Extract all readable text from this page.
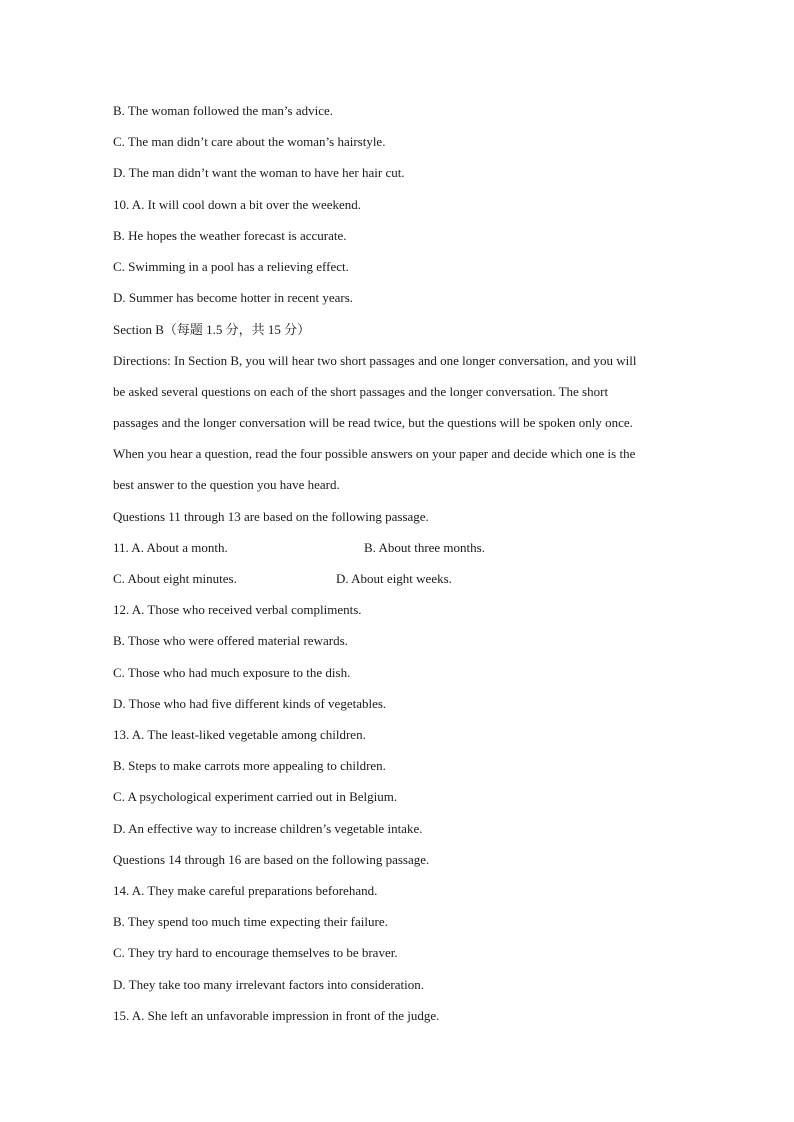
B. The woman followed the man’s advice.
C. The man didn’t care about the woman’s hairstyle.
D. The man didn’t want the woman to have her hair cut.
10. A. It will cool down a bit over the weekend.
B. He hopes the weather forecast is accurate.
C. Swimming in a pool has a relieving effect.
D. Summer has become hotter in recent years.
Section B（每题 1.5 分，共 15 分）
Directions: In Section B, you will hear two short passages and one longer conversation, and you will
be asked several questions on each of the short passages and the longer conversation. The short
passages and the longer conversation will be read twice, but the questions will be spoken only once.
When you hear a question, read the four possible answers on your paper and decide which one is the
best answer to the question you have heard.
Questions 11 through 13 are based on the following passage.
11. A. About a month.	B. About three months.
C. About eight minutes.	D. About eight weeks.
12. A. Those who received verbal compliments.
B. Those who were offered material rewards.
C. Those who had much exposure to the dish.
D. Those who had five different kinds of vegetables.
13. A. The least-liked vegetable among children.
B. Steps to make carrots more appealing to children.
C. A psychological experiment carried out in Belgium.
D. An effective way to increase children’s vegetable intake.
Questions 14 through 16 are based on the following passage.
14. A. They make careful preparations beforehand.
B. They spend too much time expecting their failure.
C. They try hard to encourage themselves to be braver.
D. They take too many irrelevant factors into consideration.
15. A. She left an unfavorable impression in front of the judge.
